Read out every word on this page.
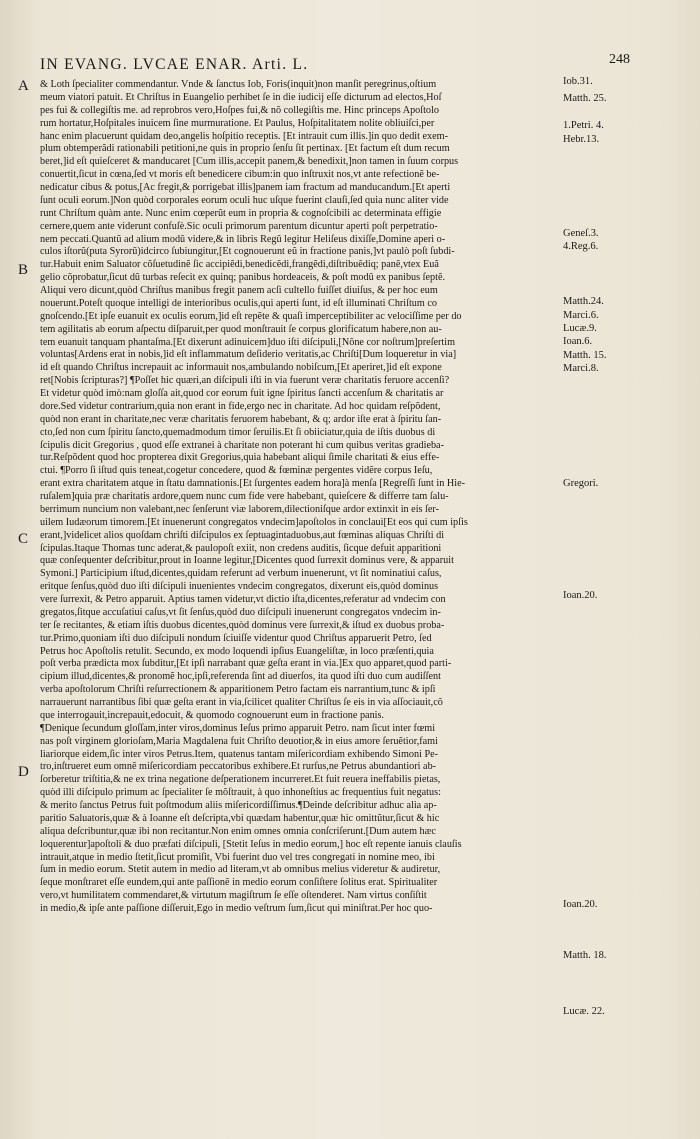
IN EVANG. LVCAE ENAR. Arti. L.	248
A
B
C
D
& Loth ſpecialiter commendantur. Vnde & ſanctus Iob, Foris(inquit)non manſit peregrinus,oſtium
meum viatori patuit. Et Chriſtus in Euangelio perhibet ſe in die iudicij eſſe dicturum ad electos,Hoſ
pes fui & collegiſtis me. ad reprobros vero,Hoſpes fui,& nõ collegiſtis me. Hinc princeps Apoſtolo
rum hortatur,Hoſpitales inuicem ſine murmuratione. Et Paulus, Hoſpitalitatem nolite obliuiſci,per
hanc enim placuerunt quidam deo,angelis hoſpitio receptis. [Et intrauit cum illis.]in quo dedit exem-
plum obtemperãdi rationabili petitioni,ne quis in proprio ſenſu ſit pertinax. [Et factum eſt dum recum
beret,]id eſt quieſceret & manducaret [Cum illis,accepit panem,& benedixit,]non tamen in ſuum corpus
conuertit,ſicut in cœna,ſed vt moris eſt benedicere cibum:in quo inſtruxit nos,vt ante refectionẽ be-
nedicatur cibus & potus,[Ac fregit,& porrigebat illis]panem iam fractum ad manducandum.[Et aperti
ſunt oculi eorum.]Non quòd corporales eorum oculi huc uſque fuerint clauſi,ſed quia nunc aliter vide
runt Chriſtum quàm ante. Nunc enim cœperũt eum in propria & cognoſcibili ac determinata effigie
cernere,quem ante viderunt confuſè.Sic oculi primorum parentum dicuntur aperti poſt perpetratio-
nem peccati.Quantũ ad alium modũ videre,& in libris Regũ legitur Heliſeus dixiſſe,Domine aperi o-
culos iſtorũ(puta Syrorũ)idcirco ſubiungitur,[Et cognouerunt eũ in fractione panis,]vt paulò poſt ſubdi-
tur.Habuit enim Saluator cõſuetudinẽ ſic accipiẽdi,benedicẽdi,frangẽdi,diſtribuẽdiq; panẽ,vtex Euã
gelio cõprobatur,ſicut dũ turbas reſecit ex quinq; panibus hordeaceis, & poſt modũ ex panibus ſeptẽ.
Aliqui vero dicunt,quòd Chriſtus manibus fregit panem acſi cultello fuiſſet diuiſus, & per hoc eum
nouerunt.Poteſt quoque intelligi de interioribus oculis,qui aperti ſunt, id eſt illuminati Chriſtum co
gnoſcendo.[Et ipſe euanuit ex oculis eorum,]id eſt repẽte & quaſi imperceptibiliter ac velociſſime per do
tem agilitatis ab eorum aſpectu diſparuit,per quod monſtrauit ſe corpus glorificatum habere,non au-
tem euanuit tanquam phantaſma.[Et dixerunt adinuicem]duo iſti diſcipuli,[Nõne cor noſtrum]preſertim
voluntas[Ardens erat in nobis,]id eſt inflammatum deſiderio veritatis,ac Chriſti[Dum loqueretur in via]
id eſt quando Chriſtus increpauit ac informauit nos,ambulando nobiſcum,[Et aperiret,]id eſt expone
ret[Nobis ſcripturas?] ¶Poſſet hic quæri,an diſcipuli iſti in via fuerunt veræ charitatis feruore accenſi?
Et videtur quòd imò:nam gloſſa ait,quod cor eorum fuit igne ſpiritus ſancti accenſum & charitatis ar
dore.Sed videtur contrarium,quia non erant in fide,ergo nec in charitate. Ad hoc quidam reſpõdent,
quòd non erant in charitate,nec veræ charitatis feruorem habebant, & q; ardor iſte erat à ſpiritu ſan-
cto,ſed non cum ſpiritu ſancto,quemadmodum timor ſeruilis.Et ſi obiiciatur,quia de iſtis duobus di
ſcipulis dicit Gregorius , quod eſſe extranei à charitate non poterant hi cum quibus veritas gradieba-
tur.Reſpõdent quod hoc propterea dixit Gregorius,quia habebant aliqui ſimile charitati & eius effe-
ctui. ¶Porro ſi iſtud quis teneat,cogetur concedere, quod & fœminæ pergentes vidẽre corpus Ieſu,
erant extra charitatem atque in ſtatu damnationis.[Et ſurgentes eadem hora]à menſa [Regreſſi ſunt in Hie-
ruſalem]quia præ charitatis ardore,quem nunc cum fide vere habebant, quieſcere & differre tam ſalu-
berrimum nuncium non valebant,nec ſenſerunt viæ laborem,dilectioniſque ardor extinxit in eis ſer-
uilem Iudæorum timorem.[Et inuenerunt congregatos vndecim]apoſtolos in conclaui[Et eos qui cum ipſis
erant,]videlicet alios quoſdam chriſti diſcipulos ex ſeptuagintaduobus,aut fœminas aliquas Chriſti di
ſcipulas.Itaque Thomas tunc aderat,& paulopoſt exiit, non credens auditis, ſicque defuit apparitioni
quæ conſequenter deſcribitur,prout in Ioanne legitur,[Dicentes quod ſurrexit dominus vere, & apparuit
Symoni.] Participium iſtud,dicentes,quidam referunt ad verbum inuenerunt, vt ſit nominatiui caſus,
eritque ſenſus,quòd duo iſti diſcipuli inuenientes vndecim congregatos, dixerunt eis,quòd dominus
vere ſurrexit, & Petro apparuit. Aptius tamen videtur,vt dictio iſta,dicentes,referatur ad vndecim con
gregatos,ſitque accuſatiui caſus,vt ſit ſenſus,quòd duo diſcipuli inuenerunt congregatos vndecim in-
ter ſe recitantes, & etiam iſtis duobus dicentes,quòd dominus vere ſurrexit,& iſtud ex duobus proba-
tur.Primo,quoniam iſti duo diſcipuli nondum ſciuiſſe videntur quod Chriſtus apparuerit Petro, ſed
Petrus hoc Apoſtolis retulit. Secundo, ex modo loquendi ipſius Euangeliſtæ, in loco præſenti,quia
poſt verba prædicta mox ſubditur,[Et ipſi narrabant quæ geſta erant in via.]Ex quo apparet,quod parti-
cipium illud,dicentes,& pronomẽ hoc,ipſi,referenda ſint ad diuerſos, ita quod iſti duo cum audiſſent
verba apoſtolorum Chriſti reſurrectionem & apparitionem Petro factam eis narrantium,tunc & ipſi
narrauerunt narrantibus ſibi quæ geſta erant in via,ſcilicet qualiter Chriſtus ſe eis in via aſſociauit,cõ
que interrogauit,increpauit,edocuit, & quomodo cognouerunt eum in fractione panis.
¶Denique ſecundum gloſſam,inter viros,dominus Ieſus primo apparuit Petro. nam ſicut inter fœmi
nas poſt virginem glorioſam,Maria Magdalena fuit Chriſto deuotior,& in eius amore ſeruẽtior,fami
liariorque eidem,ſic inter viros Petrus.Item, quatenus tantam miſericordiam exhibendo Simoni Pe-
tro,inſtrueret eum omnẽ miſericordiam peccatoribus exhibere.Et rurſus,ne Petrus abundantiori ab-
ſorberetur triſtitia,& ne ex trina negatione deſperationem incurreret.Et fuit reuera ineffabilis pietas,
quòd illi diſcipulo primum ac ſpecialiter ſe mõſtrauit, à quo inhoneſtius ac frequentius fuit negatus:
& merito ſanctus Petrus fuit poſtmodum aliis miſericordiſſimus.¶Deinde deſcribitur adhuc alia ap-
paritio Saluatoris,quæ & à Ioanne eſt deſcripta,vbi quædam habentur,quæ hic omittũtur,ſicut & hic
aliqua deſcribuntur,quæ ibi non recitantur.Non enim omnes omnia conſcriſerunt.[Dum autem hæc
loquerentur]apoſtoli & duo præfati diſcipuli, [Stetit Ieſus in medio eorum,] hoc eſt repente ianuis clauſis
intrauit,atque in medio ſtetit,ſicut promiſit, Vbi fuerint duo vel tres congregati in nomine meo, ibi
ſum in medio eorum. Stetit autem in medio ad literam,vt ab omnibus melius videretur & audiretur,
ſeque monſtraret eſſe eundem,qui ante paſſionẽ in medio eorum conſiſtere ſolitus erat. Spiritualiter
vero,vt humilitatem commendaret,& virtutum magiſtrum ſe eſſe oſtenderet. Nam virtus conſiſtit
in medio,& ipſe ante paſſione diſſeruit,Ego in medio veſtrum ſum,ſicut qui miniſtrat.Per hoc quo-
Iob.31.
Matth. 25.
1.Petri. 4.
Hebr.13.
Geneſ.3.
4.Reg.6.
Matth.24.
Marci.6.
Lucæ.9.
Ioan.6.
Matth. 15.
Marci.8.
Gregori.
Ioan.20.
Ioan.20.
Matth. 18.
Lucæ. 22.
